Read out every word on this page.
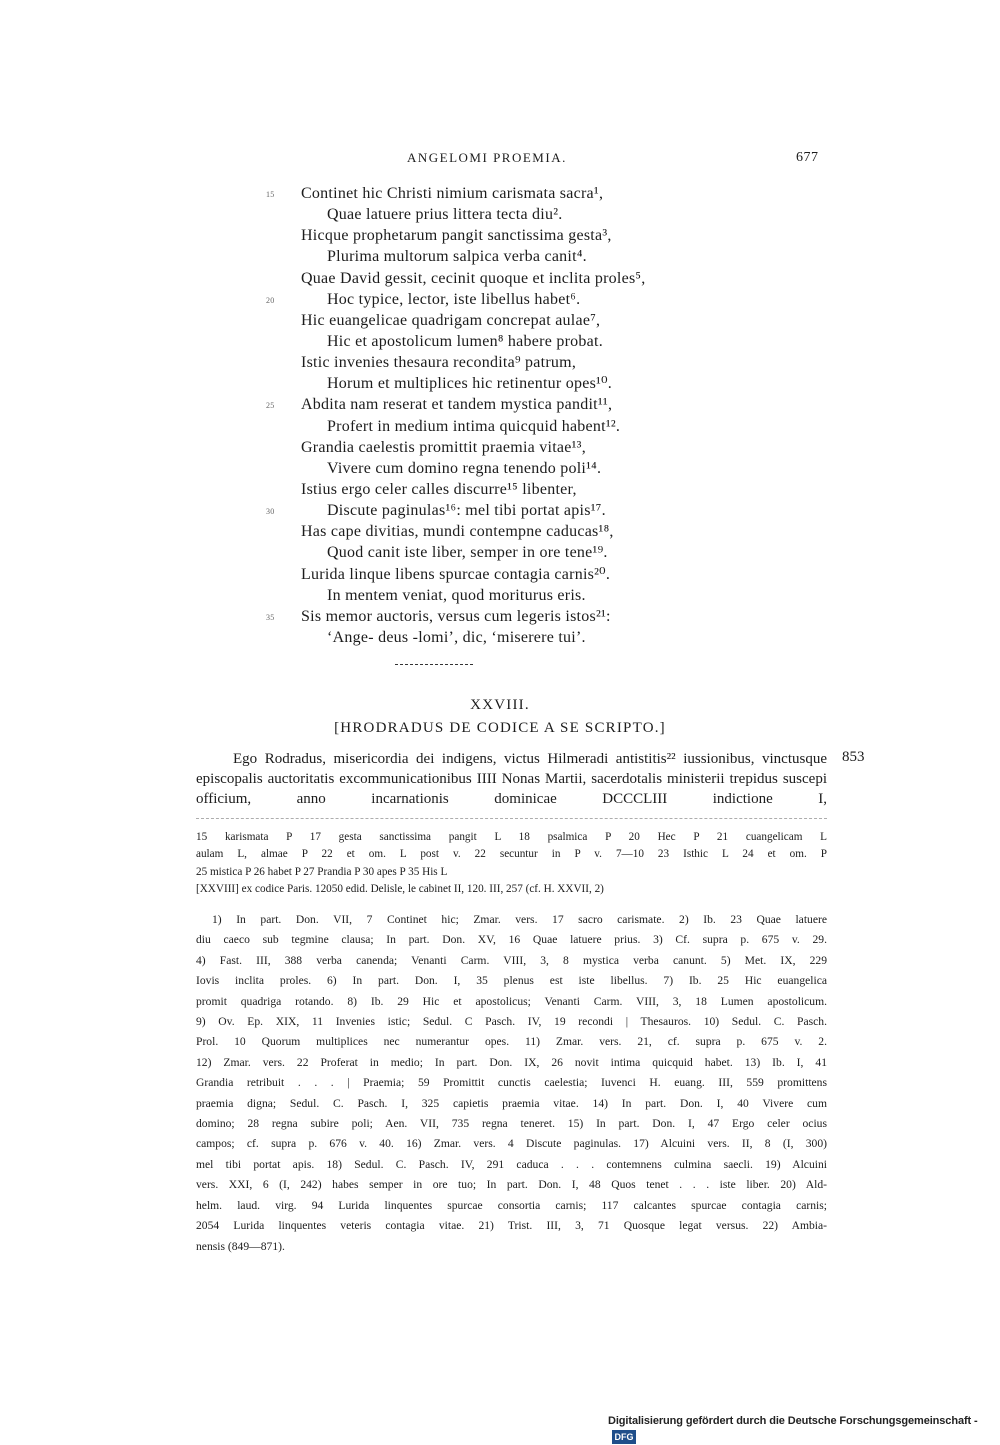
ANGELOMI PROEMIA.	677
15 Continet hic Christi nimium carismata sacra¹,
Quae latuere prius littera tecta diu².
Hicque prophetarum pangit sanctissima gesta³,
Plurima multorum salpica verba canit⁴.
Quae David gessit, cecinit quoque et inclita proles⁵,
20	Hoc typice, lector, iste libellus habet⁶.
Hic euangelicae quadrigam concrepat aulae⁷,
Hic et apostolicum lumen⁸ habere probat.
Istic invenies thesaura recondita⁹ patrum,
Horum et multiplices hic retinentur opes¹⁰.
25 Abdita nam reserat et tandem mystica pandit¹¹,
Profert in medium intima quicquid habent¹².
Grandia caelestis promittit praemia vitae¹³,
Vivere cum domino regna tenendo poli¹⁴.
Istius ergo celer calles discurre¹⁵ libenter,
30	Discute paginulas¹⁶: mel tibi portat apis¹⁷.
Has cape divitias, mundi contempne caducas¹⁸,
Quod canit iste liber, semper in ore tene¹⁹.
Lurida linque libens spurcae contagia carnis²⁰.
In mentem veniat, quod moriturus eris.
35 Sis memor auctoris, versus cum legeris istos²¹:
‘Ange- deus -lomi’, dic, ‘miserere tui’.
XXVIII.
[HRODRADUS DE CODICE A SE SCRIPTO.]

Ego Rodradus, misericordia dei indigens, victus Hilmeradi antistitis²² iussionibus, vinctusque episcopalis auctoritatis excommunicationibus IIII Nonas Martii, sacerdotalis ministerii trepidus suscepi officium, anno incarnationis dominicae DCCCLIII indictione I,

853
15 karismata P 17 gesta sanctissima pangit L 18 psalmica P 20 Hec P 21 cuangelicam L
aulam L, almae P 22 et om. L post v. 22 secuntur in P v. 7—10 23 Isthic L 24 et om. P
25 mistica P 26 habet P 27 Prandia P 30 apes P 35 His L
[XXVIII] ex codice Paris. 12050 edid. Delisle, le cabinet II, 120. III, 257 (cf. H. XXVII, 2)
1) In part. Don. VII, 7 Continet hic; Zmar. vers. 17 sacro carismate. 2) Ib. 23 Quae latuere
diu caeco sub tegmine clausa; In part. Don. XV, 16 Quae latuere prius. 3) Cf. supra p. 675 v. 29.
4) Fast. III, 388 verba canenda; Venanti Carm. VIII, 3, 8 mystica verba canunt. 5) Met. IX, 229
Iovis inclita proles. 6) In part. Don. I, 35 plenus est iste libellus. 7) Ib. 25 Hic euangelica
promit quadriga rotando. 8) Ib. 29 Hic et apostolicus; Venanti Carm. VIII, 3, 18 Lumen apostolicum.
9) Ov. Ep. XIX, 11 Invenies istic; Sedul. C Pasch. IV, 19 recondi | Thesauros. 10) Sedul. C. Pasch.
Prol. 10 Quorum multiplices nec numerantur opes. 11) Zmar. vers. 21, cf. supra p. 675 v. 2.
12) Zmar. vers. 22 Proferat in medio; In part. Don. IX, 26 novit intima quicquid habet. 13) Ib. I, 41
Grandia retribuit . . . | Praemia; 59 Promittit cunctis caelestia; Iuvenci H. euang. III, 559 promittens
praemia digna; Sedul. C. Pasch. I, 325 capietis praemia vitae. 14) In part. Don. I, 40 Vivere cum
domino; 28 regna subire poli; Aen. VII, 735 regna teneret. 15) In part. Don. I, 47 Ergo celer ocius
campos; cf. supra p. 676 v. 40. 16) Zmar. vers. 4 Discute paginulas. 17) Alcuini vers. II, 8 (I, 300)
mel tibi portat apis. 18) Sedul. C. Pasch. IV, 291 caduca . . . contemnens culmina saecli. 19) Alcuini
vers. XXI, 6 (I, 242) habes semper in ore tuo; In part. Don. I, 48 Quos tenet . . . iste liber. 20) Ald-
helm. laud. virg. 94 Lurida linquentes spurcae consortia carnis; 117 calcantes spurcae contagia carnis;
2054 Lurida linquentes veteris contagia vitae. 21) Trist. III, 3, 71 Quosque legat versus. 22) Ambia-
nensis (849—871).
Digitalisierung gefördert durch die Deutsche Forschungsgemeinschaft -DFG
